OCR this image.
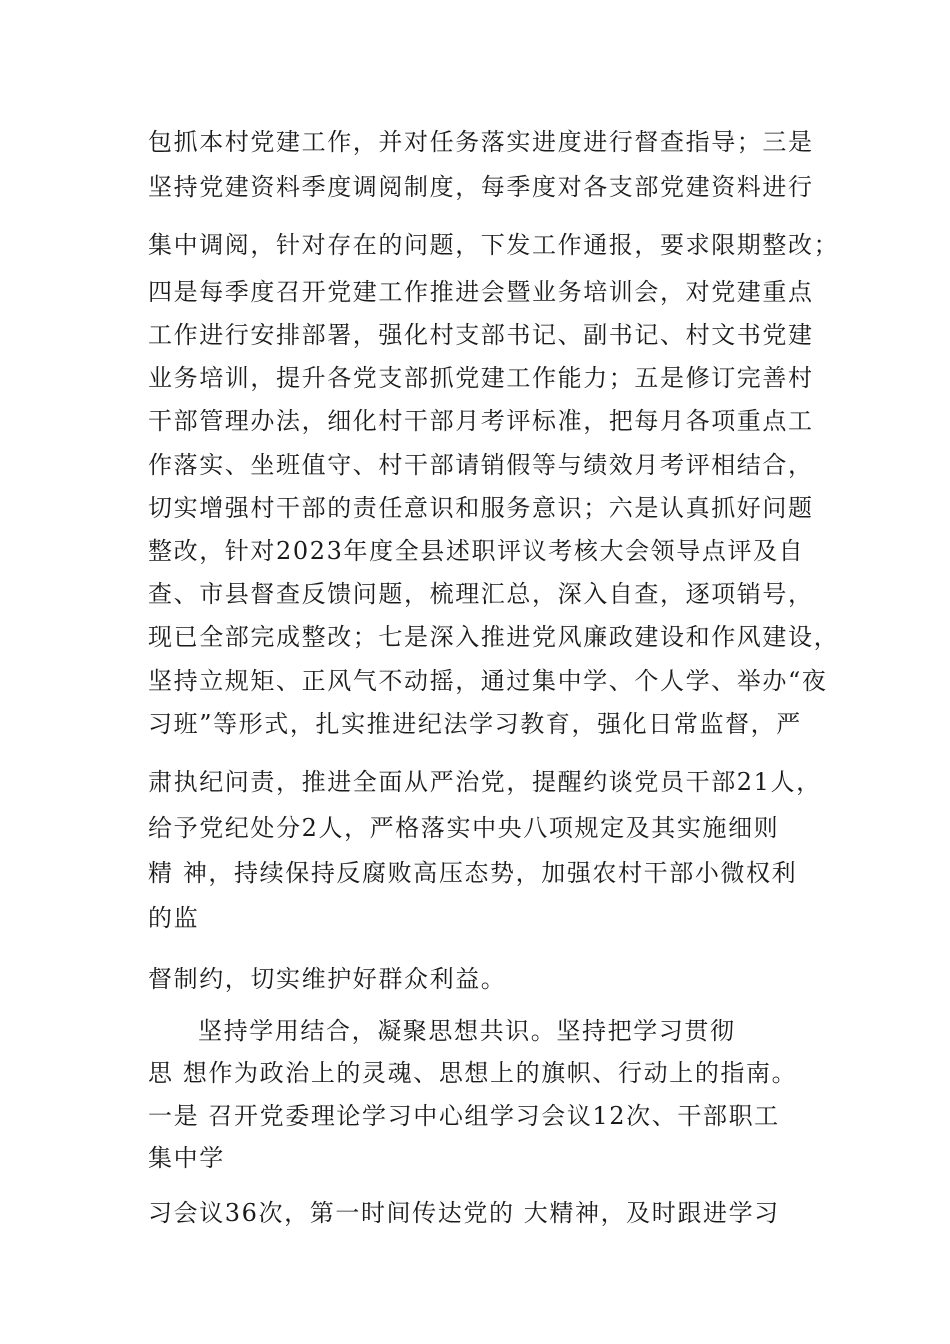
包抓本村党建工作，并对任务落实进度进行督查指导；三是
坚持党建资料季度调阅制度，每季度对各支部党建资料进行
集中调阅，针对存在的问题，下发工作通报，要求限期整改；
四是每季度召开党建工作推进会暨业务培训会，对党建重点
工作进行安排部署，强化村支部书记、副书记、村文书党建
业务培训，提升各党支部抓党建工作能力；五是修订完善村
干部管理办法，细化村干部月考评标准，把每月各项重点工
作落实、坐班值守、村干部请销假等与绩效月考评相结合，
切实增强村干部的责任意识和服务意识；六是认真抓好问题
整改，针对2023年度全县述职评议考核大会领导点评及自
查、市县督查反馈问题，梳理汇总，深入自查，逐项销号，
现已全部完成整改；七是深入推进党风廉政建设和作风建设，
坚持立规矩、正风气不动摇，通过集中学、个人学、举办“夜
习班”等形式，扎实推进纪法学习教育，强化日常监督，严
肃执纪问责，推进全面从严治党，提醒约谈党员干部21人，
给予党纪处分2人，严格落实中央八项规定及其实施细则
精 神，持续保持反腐败高压态势，加强农村干部小微权利
的监
督制约，切实维护好群众利益。
坚持学用结合，凝聚思想共识。坚持把学习贯彻
思 想作为政治上的灵魂、思想上的旗帜、行动上的指南。
一是 召开党委理论学习中心组学习会议12次、干部职工
集中学
习会议36次，第一时间传达党的 大精神，及时跟进学习
